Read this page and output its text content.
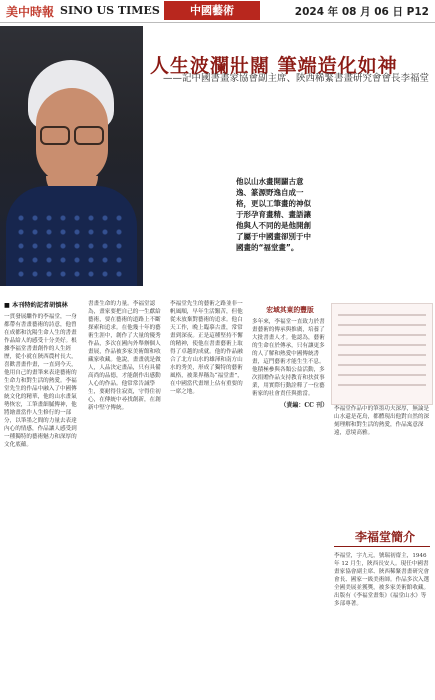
美中時報 SINO US TIMES	中國藝術	2024 年 08 月 06 日 P12
人生波瀾壯闊 筆端造化如神
——記中國書畫家協會副主席、陝西稀緊書畫研究會會長李福堂
他以山水畫開闢古意逸、篆源野逸自成一格，更以工筆畫的神似于形孕育畫精、畫語讓他與人不同的是他開創了屬于中國畫卻別于中國畫的“福堂畫”。
■ 本刊特約記者胡慎林
一貫發展繼作的李福堂，一身都帶有書畫藝術的詩意，他曾在成都和沈陽生命人生的書畫作品給人的感受十分美好。根據李福堂書畫創作的人生經歷，從小就在陝西農村長大，喜歡書畫作畫，一直到今天，他用自己的畫筆來表達藝術的生命力和對生活的熱愛。李福堂先生的作品中融入了中國傳統文化的精華，他的山水畫氣勢恢宏，工筆畫細膩傳神，他將繪畫當作人生修行的一部分，以筆墨之間的力量去表達內心的情感，作品讓人感受到一種獨特的藝術魅力和深厚的文化底蘊。
書畫生命的力量。李福堂認為，畫家要把自己的一生獻給藝術，要在藝術的道路上不斷探索和追求。在他幾十年的藝術生涯中，創作了大量的優秀作品，多次在國內外舉辦個人畫展，作品被多家美術館和收藏家收藏。他說，畫畫就是做人，人品決定畫品，只有具備高尚的品德，才能創作出感動人心的作品。他常常告誡學生，要耐得住寂寞，守得住初心，在傳統中尋找創新，在創新中堅守傳統。
李福堂先生的藝術之路並非一帆風順，早年生活艱苦，但他從未放棄對藝術的追求。他白天工作，晚上臨摹古畫，常常畫到深夜。正是這種堅持不懈的精神，使他在書畫藝術上取得了卓越的成就。他的作品融合了北方山水的雄渾和南方山水的秀美，形成了獨特的藝術風格，被業界稱為“福堂畫”，在中國當代畫壇上佔有重要的一席之地。
宏域其東的豐版
多年來，李福堂一直致力於書畫藝術的傳承與推廣，培養了大批書畫人才。他認為，藝術的生命在於傳承，只有讓更多的人了解和熱愛中國傳統書畫，這門藝術才能生生不息。他積極參與各類公益活動，多次捐贈作品支持教育和扶貧事業，用實際行動詮釋了一位藝術家的社會責任與擔當。
（責編：CC 刊） 李福堂作品中的筆墨功夫深厚，無論是山水還是花鳥，都體現出他對自然的深刻理解和對生活的熱愛，作品寓意深遠，意境高雅。
李福堂簡介
李福堂，字九元，號瑞初齋主，1946 年 12 月生，陝西長安人。現任中國書畫家協會副主席、陝西稀緊書畫研究會會長、國家一級美術師。作品多次入選全國美展並獲獎，被多家美術館收藏。出版有《李福堂畫集》《福堂山水》等多部專著。
